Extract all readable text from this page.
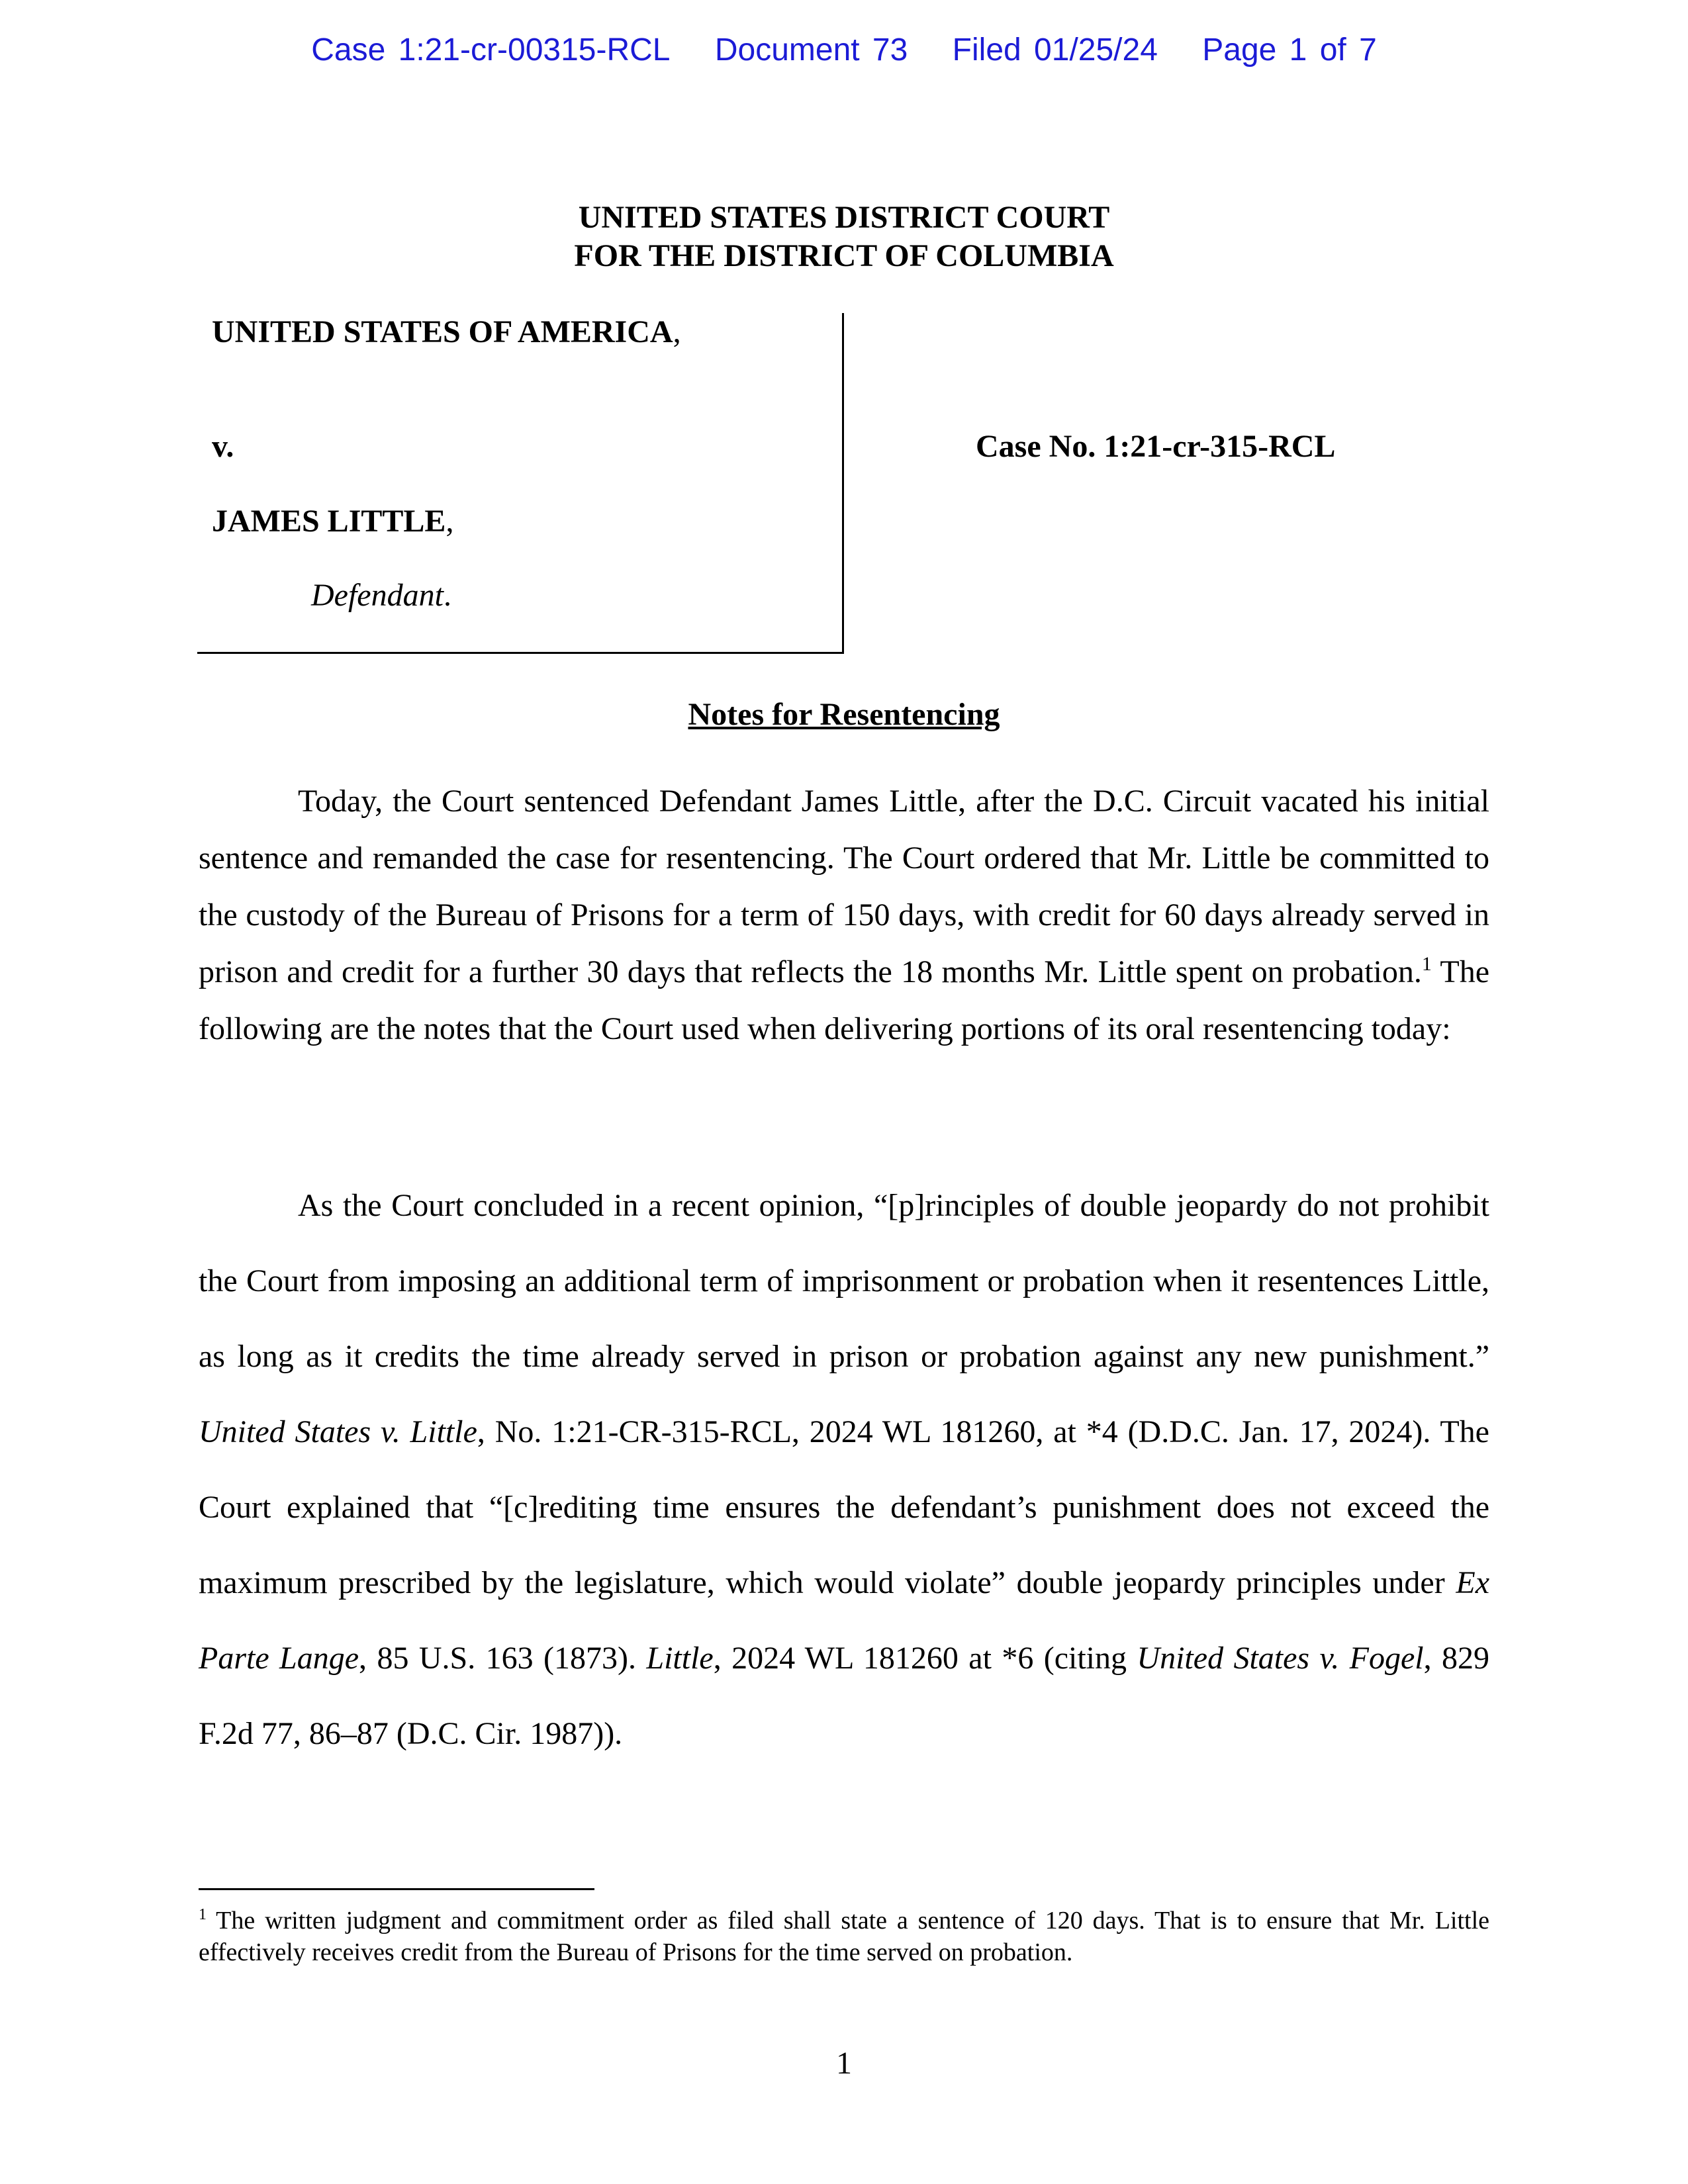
Case 1:21-cr-00315-RCL Document 73 Filed 01/25/24 Page 1 of 7
UNITED STATES DISTRICT COURT
FOR THE DISTRICT OF COLUMBIA
UNITED STATES OF AMERICA,
v.	Case No. 1:21-cr-315-RCL
JAMES LITTLE,
Defendant.
Notes for Resentencing

Today, the Court sentenced Defendant James Little, after the D.C. Circuit vacated his initial sentence and remanded the case for resentencing. The Court ordered that Mr. Little be committed to the custody of the Bureau of Prisons for a term of 150 days, with credit for 60 days already served in prison and credit for a further 30 days that reflects the 18 months Mr. Little spent on probation.$^1$ The following are the notes that the Court used when delivering portions of its oral resentencing today:

As the Court concluded in a recent opinion, “[p]rinciples of double jeopardy do not prohibit the Court from imposing an additional term of imprisonment or probation when it resentences Little, as long as it credits the time already served in prison or probation against any new punishment.” United States v. Little, No. 1:21-CR-315-RCL, 2024 WL 181260, at *4 (D.D.C. Jan. 17, 2024). The Court explained that “[c]rediting time ensures the defendant’s punishment does not exceed the maximum prescribed by the legislature, which would violate” double jeopardy principles under Ex Parte Lange, 85 U.S. 163 (1873). Little, 2024 WL 181260 at *6 (citing United States v. Fogel, 829 F.2d 77, 86–87 (D.C. Cir. 1987)).

$^1$ The written judgment and commitment order as filed shall state a sentence of 120 days. That is to ensure that Mr. Little effectively receives credit from the Bureau of Prisons for the time served on probation.

1
